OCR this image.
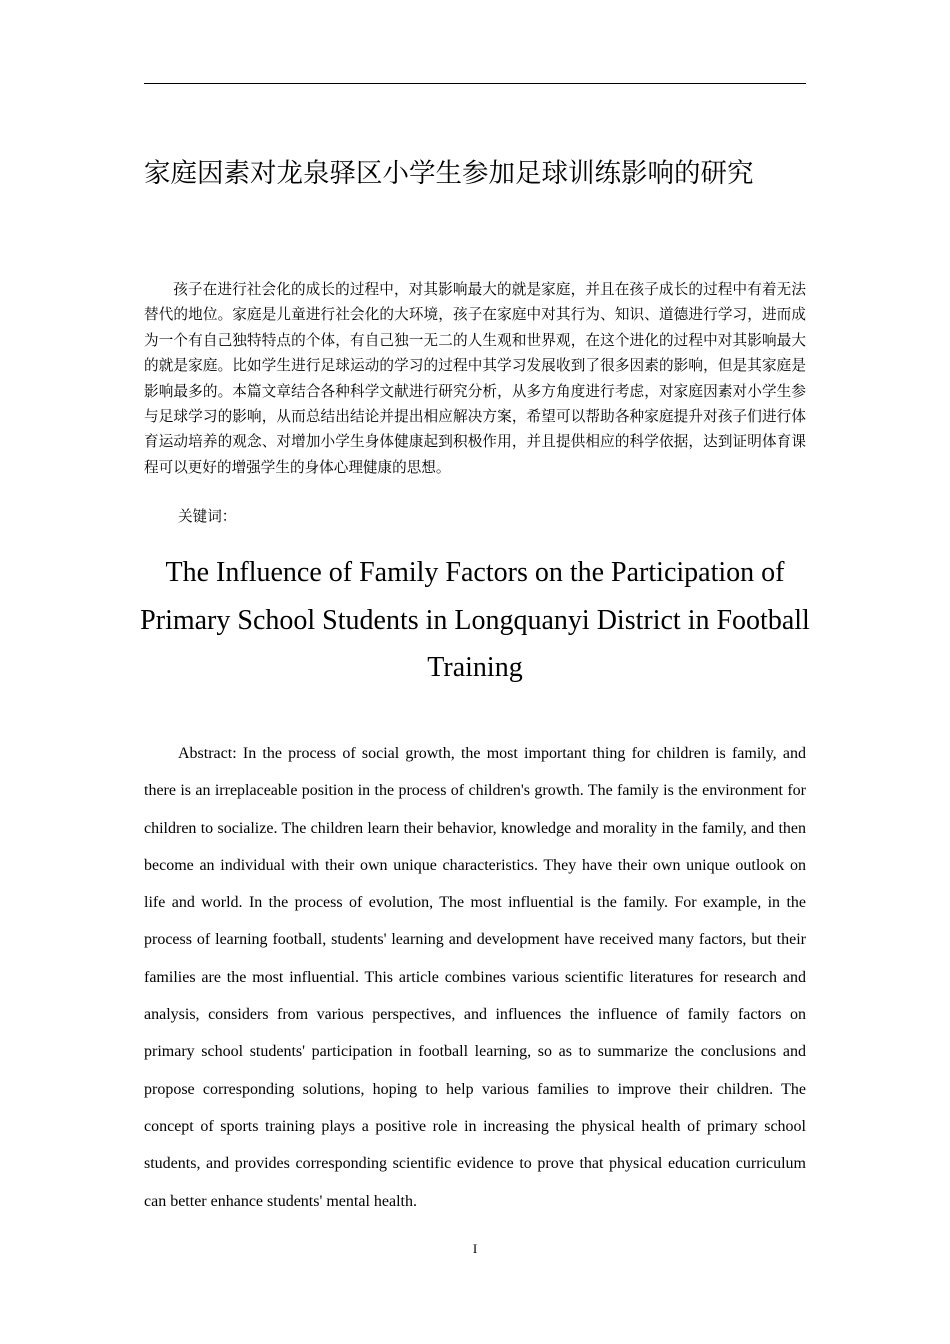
家庭因素对龙泉驿区小学生参加足球训练影响的研究

孩子在进行社会化的成长的过程中，对其影响最大的就是家庭，并且在孩子成长的过程中有着无法替代的地位。家庭是儿童进行社会化的大环境，孩子在家庭中对其行为、知识、道德进行学习，进而成为一个有自己独特特点的个体，有自己独一无二的人生观和世界观，在这个进化的过程中对其影响最大的就是家庭。比如学生进行足球运动的学习的过程中其学习发展收到了很多因素的影响，但是其家庭是影响最多的。本篇文章结合各种科学文献进行研究分析，从多方角度进行考虑，对家庭因素对小学生参与足球学习的影响，从而总结出结论并提出相应解决方案，希望可以帮助各种家庭提升对孩子们进行体育运动培养的观念、对增加小学生身体健康起到积极作用，并且提供相应的科学依据，达到证明体育课程可以更好的增强学生的身体心理健康的思想。

关键词：

The Influence of Family Factors on the Participation of Primary School Students in Longquanyi District in Football Training

Abstract: In the process of social growth, the most important thing for children is family, and there is an irreplaceable position in the process of children's growth. The family is the environment for children to socialize. The children learn their behavior, knowledge and morality in the family, and then become an individual with their own unique characteristics. They have their own unique outlook on life and world. In the process of evolution, The most influential is the family. For example, in the process of learning football, students' learning and development have received many factors, but their families are the most influential. This article combines various scientific literatures for research and analysis, considers from various perspectives, and influences the influence of family factors on primary school students' participation in football learning, so as to summarize the conclusions and propose corresponding solutions, hoping to help various families to improve their children. The concept of sports training plays a positive role in increasing the physical health of primary school students, and provides corresponding scientific evidence to prove that physical education curriculum can better enhance students' mental health.

I
